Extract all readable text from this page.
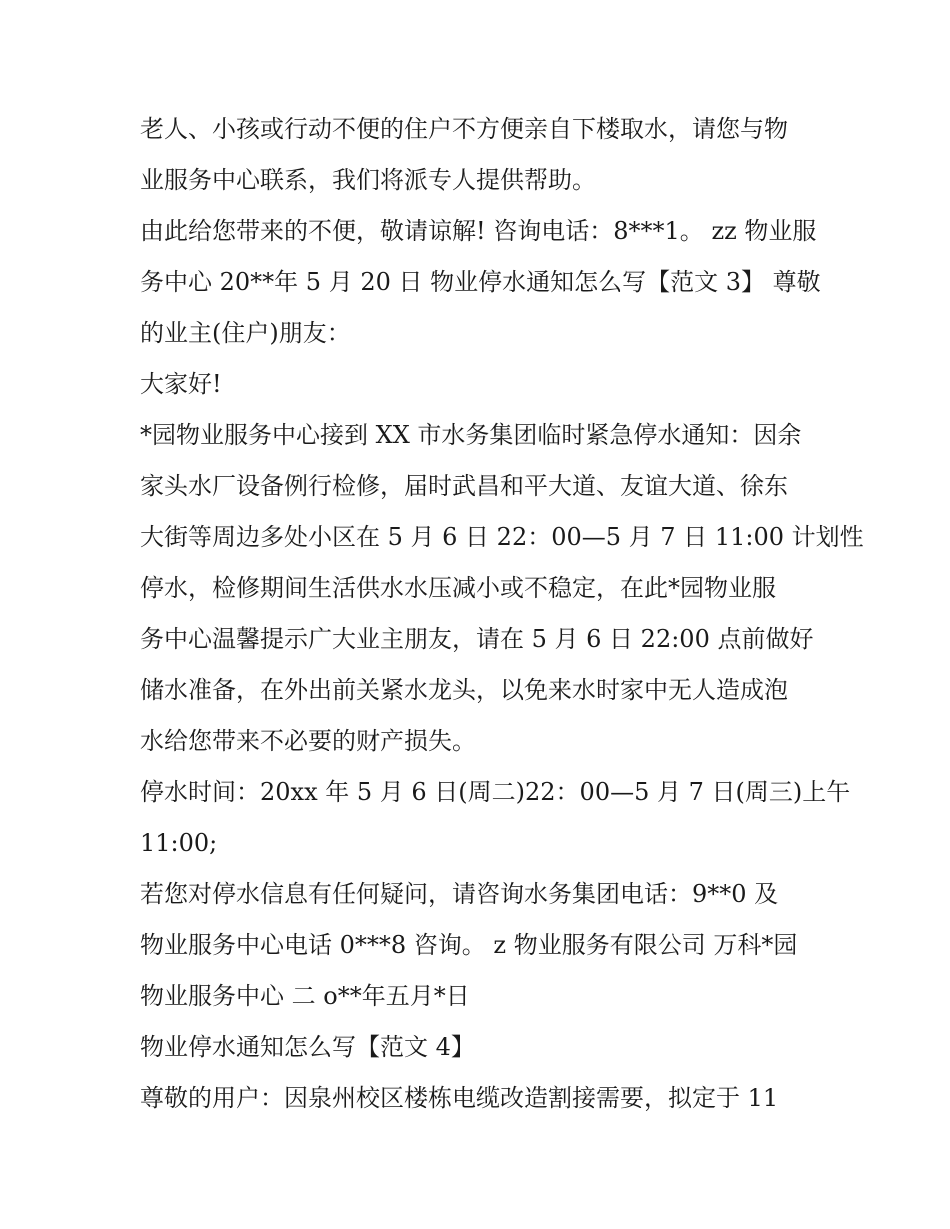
老人、小孩或行动不便的住户不方便亲自下楼取水，请您与物
业服务中心联系，我们将派专人提供帮助。

由此给您带来的不便，敬请谅解! 咨询电话：8***1。 zz 物业服
务中心 20**年 5 月 20 日 物业停水通知怎么写【范文 3】 尊敬
的业主(住户)朋友：

大家好!

*园物业服务中心接到 XX 市水务集团临时紧急停水通知：因余
家头水厂设备例行检修，届时武昌和平大道、友谊大道、徐东
大街等周边多处小区在 5 月 6 日 22：00—5 月 7 日 11:00 计划性
停水，检修期间生活供水水压减小或不稳定，在此*园物业服
务中心温馨提示广大业主朋友，请在 5 月 6 日 22:00 点前做好
储水准备，在外出前关紧水龙头，以免来水时家中无人造成泡
水给您带来不必要的财产损失。

停水时间：20xx 年 5 月 6 日(周二)22：00—5 月 7 日(周三)上午
11:00;

若您对停水信息有任何疑问，请咨询水务集团电话：9**0 及
物业服务中心电话 0***8 咨询。 z 物业服务有限公司 万科*园
物业服务中心 二 o**年五月*日

物业停水通知怎么写【范文 4】

尊敬的用户：因泉州校区楼栋电缆改造割接需要，拟定于 11
